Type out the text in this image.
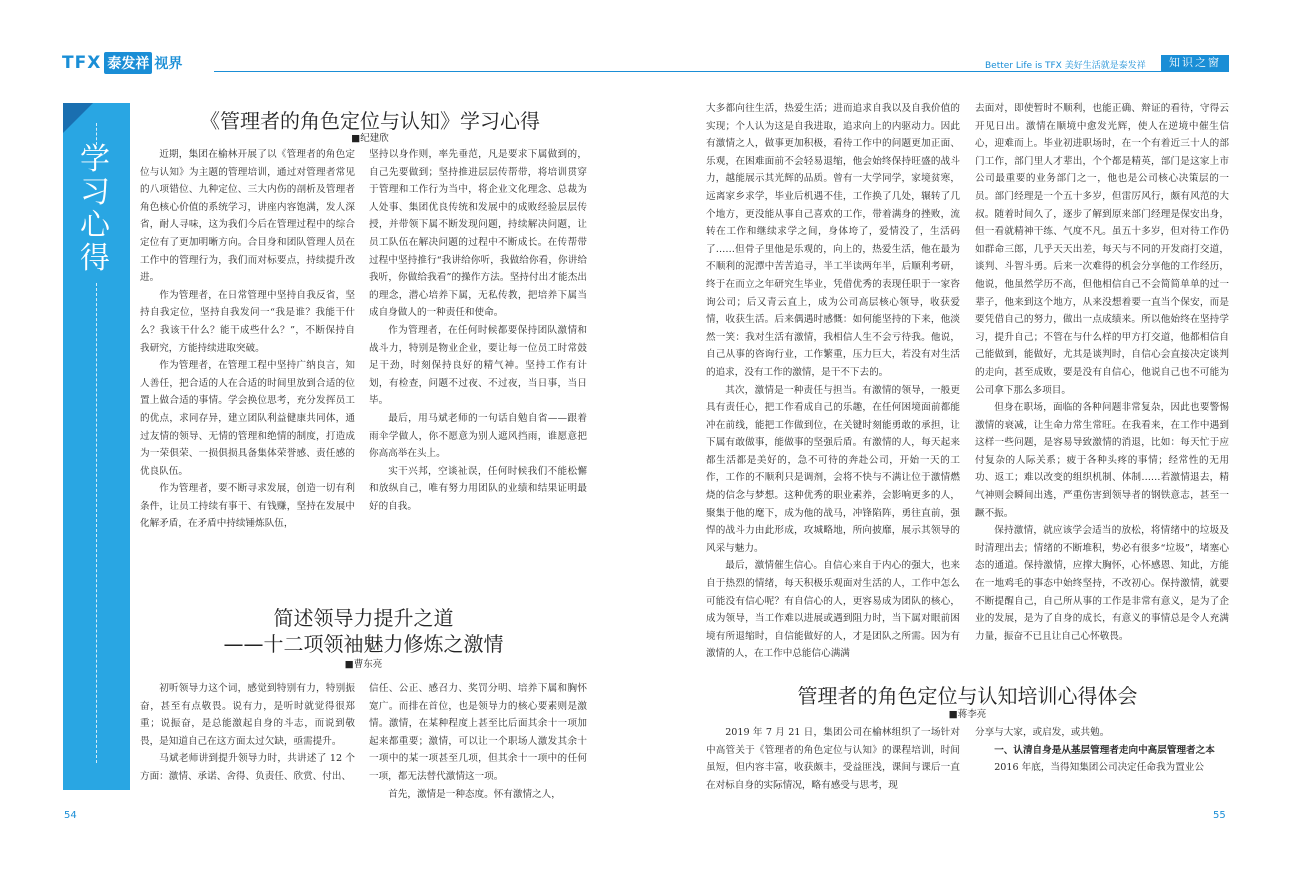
TFX 泰发祥 视界	Better Life is TFX 美好生活就是泰发祥	知识之窗
学习心得
《管理者的角色定位与认知》学习心得
■纪建欣

近期，集团在榆林开展了以《管理者的角色定位与认知》为主题的管理培训，通过对管理者常见的八项错位、九种定位、三大内伤的剖析及管理者角色核心价值的系统学习，讲座内容饱满，发人深省，耐人寻味，这为我们今后在管理过程中的综合定位有了更加明晰方向。合目身和团队管理人员在工作中的管理行为，我们而对标要点，持续提升改进。

作为管理者，在日常管理中坚持自我反省，坚持自我定位，坚持自我发问一“我是谁？我能干什么？我该干什么？能干成些什么？”，不断保持自我研究，方能持续进取突破。

作为管理者，在管理工程中坚持广纳良言，知人善任，把合适的人在合适的时间里放到合适的位置上做合适的事情。学会换位思考，充分发挥员工的优点，求同存异，建立团队利益健康共同体，通过友情的领导、无情的管理和绝情的制度，打造成为一荣俱荣、一损俱损具备集体荣誉感、责任感的优良队伍。

作为管理者，要不断寻求发展，创造一切有利条件，让员工持续有事干、有钱赚，坚持在发展中化解矛盾，在矛盾中持续锤炼队伍，

坚持以身作则，率先垂范，凡是要求下属做到的，自己先要做到；坚持推进层层传帮带，将培训贯穿于管理和工作行为当中，将企业文化理念、总裁为人处事、集团优良传统和发展中的成败经验层层传授，并带领下属不断发现问题，持续解决问题，让员工队伍在解决问题的过程中不断成长。在传帮带过程中坚持推行“我讲给你听，我做给你看，你讲给我听，你做给我看”的操作方法。坚持付出才能杰出的理念，潜心培养下属，无私传教，把培养下属当成自身做人的一种责任和使命。

作为管理者，在任何时候都要保持团队激情和战斗力，特别是物业企业，要让每一位员工时常鼓足干劲，时刻保持良好的精气神。坚持工作有计划，有检查，问题不过夜、不过夜，当日事，当日毕。

最后，用马斌老师的一句话自勉自省——跟着雨伞学做人，你不愿意为别人遮风挡雨，谁愿意把你高高举在头上。

实干兴邦，空谈祉误，任何时候我们不能松懈和放纵自己，唯有努力用团队的业绩和结果证明最好的自我。

简述领导力提升之道
——十二项领袖魅力修炼之激情
■曹东亮

初听领导力这个词，感觉到特别有力，特别振奋，甚至有点敬畏。说有力，是听时就觉得很郑重；说振奋，是总能激起自身的斗志，而说到敬畏，是知道自己在这方面太过欠缺，亟需提升。

马斌老师讲到提升领导力时，共讲述了 12 个方面：激情、承诺、舍得、负责任、欣赏、付出、

信任、公正、感召力、奖罚分明、培养下属和胸怀宽广。而排在首位，也是领导力的核心要素则是激情。激情，在某种程度上甚至比后面其余十一项加起来都重要；激情，可以让一个职场人激发其余十一项中的某一项甚至几项，但其余十一项中的任何一项，都无法替代激情这一项。

首先，激情是一种态度。怀有激情之人，

大多都向往生活，热爱生活；进而追求自我以及自我价值的实现；个人认为这是自我进取，追求向上的内驱动力。因此有激情之人，做事更加积极，看待工作中的问题更加正面、乐观，在困难面前不会轻易退缩，他会始终保持旺盛的战斗力，越能展示其光辉的品质。曾有一大学同学，家境贫寒，远离家乡求学，毕业后机遇不佳，工作换了几处，辗转了几个地方，更没能从事自己喜欢的工作，带着满身的挫败，流转在工作和继续求学之间，身体垮了，爱情没了，生活码了……但骨子里他是乐观的，向上的，热爱生活，他在最为不顺利的泥潭中苦苦追寻，半工半读两年半，后顺利考研，终于在而立之年研究生毕业，凭借优秀的表现任职于一家咨询公司；后又青云直上，成为公司高层核心领导，收获爱情，收获生活。后来偶遇时感慨：如何能坚持的下来，他淡然一笑：我对生活有激情，我相信人生不会亏待我。他说，自己从事的咨询行业，工作繁重，压力巨大，若没有对生活的追求，没有工作的激情，是干不下去的。

其次，激情是一种责任与担当。有激情的领导，一般更具有责任心，把工作看成自己的乐趣，在任何困境面前都能冲在前线，能把工作做到位，在关键时刻能勇敢的承担，让下属有敢做事，能做事的坚强后盾。有激情的人，每天起来都生活都是美好的，急不可待的奔赴公司，开始一天的工作，工作的不顺利只是调剂，会将不快与不满让位于激情燃烧的信念与梦想。这种优秀的职业素养，会影响更多的人，聚集于他的麾下，成为他的战马，冲锋陷阵，勇往直前，强悍的战斗力由此形成，攻城略地，所向披靡，展示其领导的风采与魅力。

最后，激情催生信心。自信心来自于内心的强大，也来自于热烈的情绪，每天积极乐观面对生活的人，工作中怎么可能没有信心呢？有自信心的人，更容易成为团队的核心，成为领导，当工作难以进展或遇到阻力时，当下属对眼前困境有所退缩时，自信能做好的人，才是团队之所需。因为有激情的人，在工作中总能信心满满

去面对，即使暂时不顺利，也能正确、辩证的看待，守得云开见日出。激情在顺境中愈发光辉，使人在逆境中催生信心，迎难而上。毕业初进职场时，在一个有着近三十人的部门工作，部门里人才辈出，个个都是精英，部门是这家上市公司最重要的业务部门之一，他也是公司核心决策层的一员。部门经理是一个五十多岁，但雷厉风行，颇有风范的大叔。随着时间久了，逐步了解到原来部门经理是保安出身，但一看就精神干练、气度不凡。虽五十多岁，但对待工作仍如群命三郎，几乎天天出差，每天与不同的开发商打交道，谈判、斗智斗勇。后来一次难得的机会分享他的工作经历，他说，他虽然学历不高，但他相信自己不会简简单单的过一辈子，他来到这个地方，从来没想着要一直当个保安，而是要凭借自己的努力，做出一点成绩来。所以他始终在坚持学习，提升自己；不管在与什么样的甲方打交道，他都相信自己能做到，能做好，尤其是谈判时，自信心会直接决定谈判的走向，甚至成败，要是没有自信心，他说自己也不可能为公司拿下那么多项目。

但身在职场，面临的各种问题非常复杂，因此也要警惕激情的衰减，让生命力常生常旺。在我看来，在工作中遇到这样一些问题，是容易导致激情的消退，比如：每天忙于应付复杂的人际关系；疲于各种头疼的事情；经常性的无用功、返工；难以改变的组织机制、体制……若激情退去，精气神则会瞬间出逃，严重伤害到领导者的钢铁意志，甚至一蹶不振。

保持激情，就应该学会适当的放松，将情绪中的垃圾及时清理出去；情绪的不断堆积，势必有很多“垃圾”，堵塞心态的通道。保持激情，应撑大胸怀，心怀感恩、知此，方能在一地鸡毛的事态中始终坚持，不改初心。保持激情，就要不断提醒自己，自己所从事的工作是非常有意义，是为了企业的发展，是为了自身的成长，有意义的事情总是令人充满力量，振奋不已且让自己心怀敬畏。

管理者的角色定位与认知培训心得体会
■蒋李亮

2019 年 7 月 21 日，集团公司在榆林组织了一场针对中高管关于《管理者的角色定位与认知》的课程培训，时间虽短，但内容丰富，收获颇丰，受益匪浅，课间与课后一直在对标自身的实际情况，略有感受与思考，现

分享与大家，或启发，或共勉。

一、认清自身是从基层管理者走向中高层管理者之本

2016 年底，当得知集团公司决定任命我为置业公

54	55
